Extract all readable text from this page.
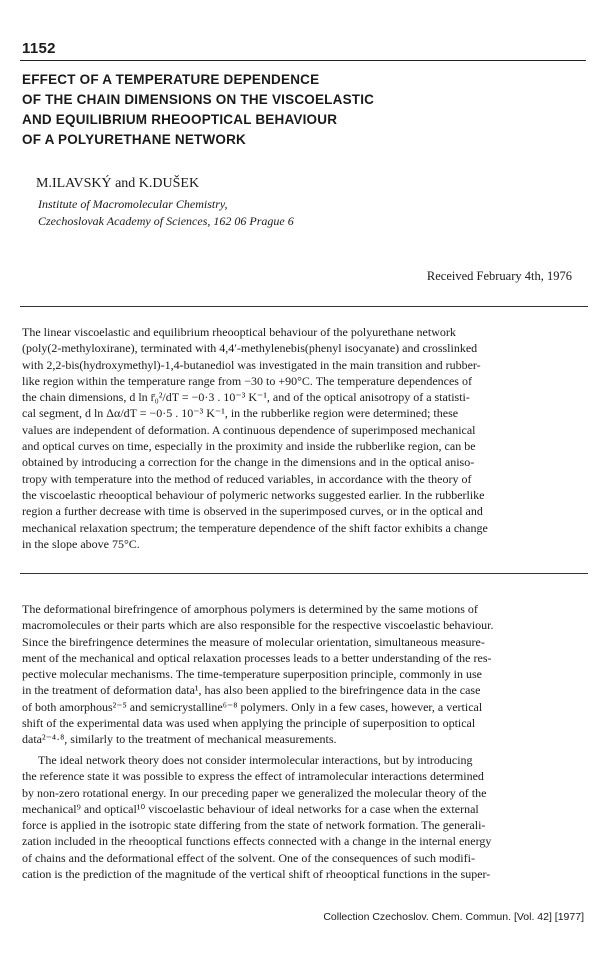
1152
EFFECT OF A TEMPERATURE DEPENDENCE
OF THE CHAIN DIMENSIONS ON THE VISCOELASTIC
AND EQUILIBRIUM RHEOOPTICAL BEHAVIOUR
OF A POLYURETHANE NETWORK
M.ILAVSKÝ and K.DUŠEK
Institute of Macromolecular Chemistry,
Czechoslovak Academy of Sciences, 162 06 Prague 6
Received February 4th, 1976
The linear viscoelastic and equilibrium rheooptical behaviour of the polyurethane network
(poly(2-methyloxirane), terminated with 4,4′-methylenebis(phenyl isocyanate) and crosslinked
with 2,2-bis(hydroxymethyl)-1,4-butanediol was investigated in the main transition and rubber-
like region within the temperature range from −30 to +90°C. The temperature dependences of
the chain dimensions, d ln r̄₀²/dT = −0·3 . 10⁻³ K⁻¹, and of the optical anisotropy of a statisti-
cal segment, d ln Δα/dT = −0·5 . 10⁻³ K⁻¹, in the rubberlike region were determined; these
values are independent of deformation. A continuous dependence of superimposed mechanical
and optical curves on time, especially in the proximity and inside the rubberlike region, can be
obtained by introducing a correction for the change in the dimensions and in the optical aniso-
tropy with temperature into the method of reduced variables, in accordance with the theory of
the viscoelastic rheooptical behaviour of polymeric networks suggested earlier. In the rubberlike
region a further decrease with time is observed in the superimposed curves, or in the optical and
mechanical relaxation spectrum; the temperature dependence of the shift factor exhibits a change
in the slope above 75°C.
The deformational birefringence of amorphous polymers is determined by the same motions of
macromolecules or their parts which are also responsible for the respective viscoelastic behaviour.
Since the birefringence determines the measure of molecular orientation, simultaneous measure-
ment of the mechanical and optical relaxation processes leads to a better understanding of the res-
pective molecular mechanisms. The time-temperature superposition principle, commonly in use
in the treatment of deformation data¹, has also been applied to the birefringence data in the case
of both amorphous²⁻⁵ and semicrystalline⁶⁻⁸ polymers. Only in a few cases, however, a vertical
shift of the experimental data was used when applying the principle of superposition to optical
data²⁻⁴·⁸, similarly to the treatment of mechanical measurements.
The ideal network theory does not consider intermolecular interactions, but by introducing
the reference state it was possible to express the effect of intramolecular interactions determined
by non-zero rotational energy. In our preceding paper we generalized the molecular theory of the
mechanical⁹ and optical¹⁰ viscoelastic behaviour of ideal networks for a case when the external
force is applied in the isotropic state differing from the state of network formation. The generali-
zation included in the rheooptical functions effects connected with a change in the internal energy
of chains and the deformational effect of the solvent. One of the consequences of such modifi-
cation is the prediction of the magnitude of the vertical shift of rheooptical functions in the super-
Collection Czechoslov. Chem. Commun. [Vol. 42] [1977]
